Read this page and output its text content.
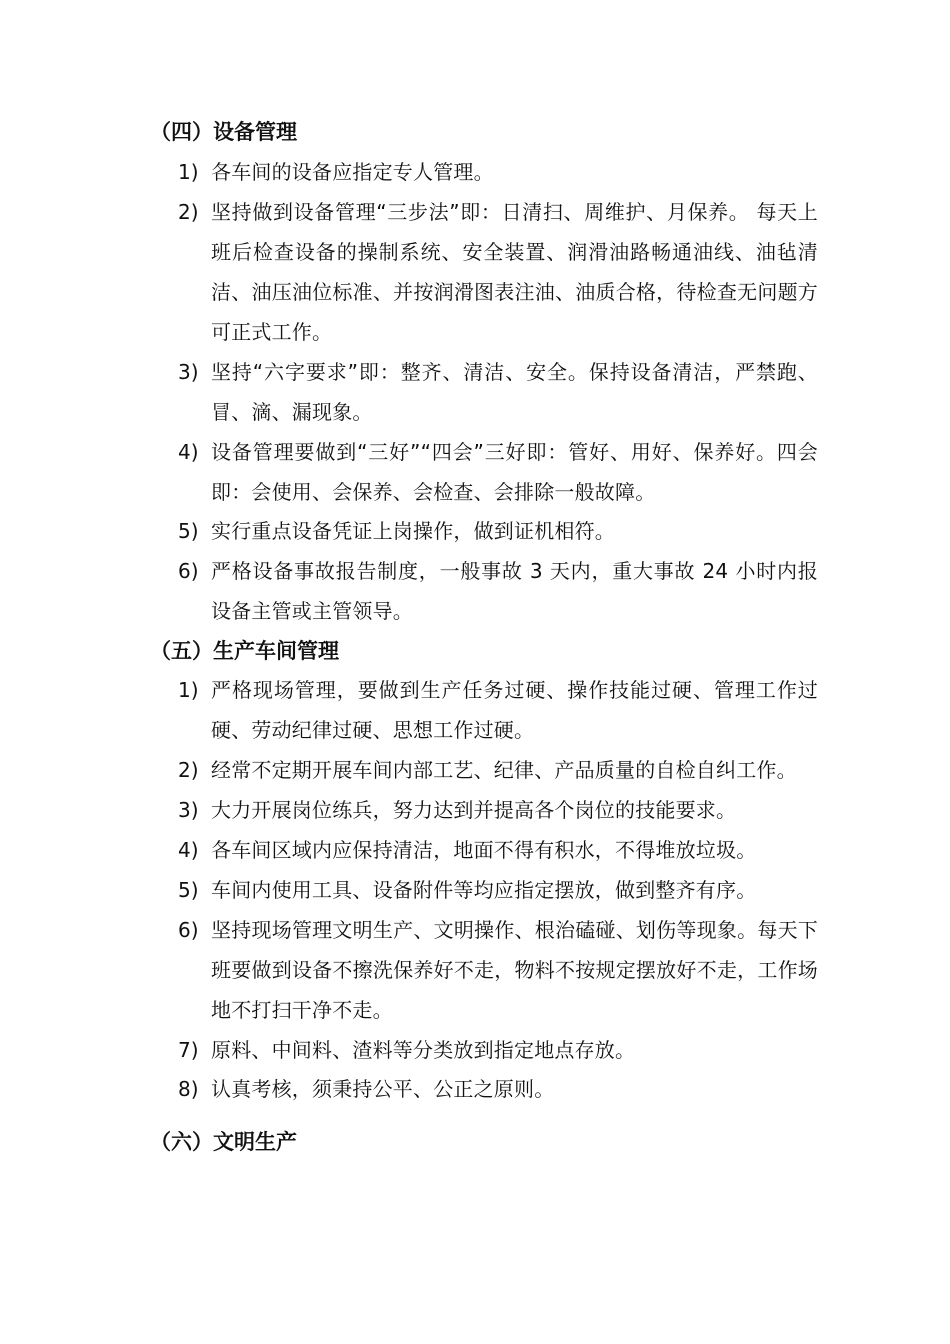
（四）设备管理
1) 各车间的设备应指定专人管理。
2) 坚持做到设备管理“三步法”即：日清扫、周维护、月保养。 每天上班后检查设备的操制系统、安全装置、润滑油路畅通油线、油毡清洁、油压油位标准、并按润滑图表注油、油质合格，待检查无问题方可正式工作。
3) 坚持“六字要求”即：整齐、清洁、安全。保持设备清洁，严禁跑、冒、滴、漏现象。
4) 设备管理要做到“三好”“四会”三好即：管好、用好、保养好。四会即：会使用、会保养、会检查、会排除一般故障。
5) 实行重点设备凭证上岗操作，做到证机相符。
6) 严格设备事故报告制度，一般事故 3 天内，重大事故 24 小时内报设备主管或主管领导。
（五）生产车间管理
1) 严格现场管理，要做到生产任务过硬、操作技能过硬、管理工作过硬、劳动纪律过硬、思想工作过硬。
2) 经常不定期开展车间内部工艺、纪律、产品质量的自检自纠工作。
3) 大力开展岗位练兵，努力达到并提高各个岗位的技能要求。
4) 各车间区域内应保持清洁，地面不得有积水，不得堆放垃圾。
5) 车间内使用工具、设备附件等均应指定摆放，做到整齐有序。
6) 坚持现场管理文明生产、文明操作、根治磕碰、划伤等现象。每天下班要做到设备不擦洗保养好不走，物料不按规定摆放好不走，工作场地不打扫干净不走。
7) 原料、中间料、渣料等分类放到指定地点存放。
8) 认真考核，须秉持公平、公正之原则。
（六）文明生产
